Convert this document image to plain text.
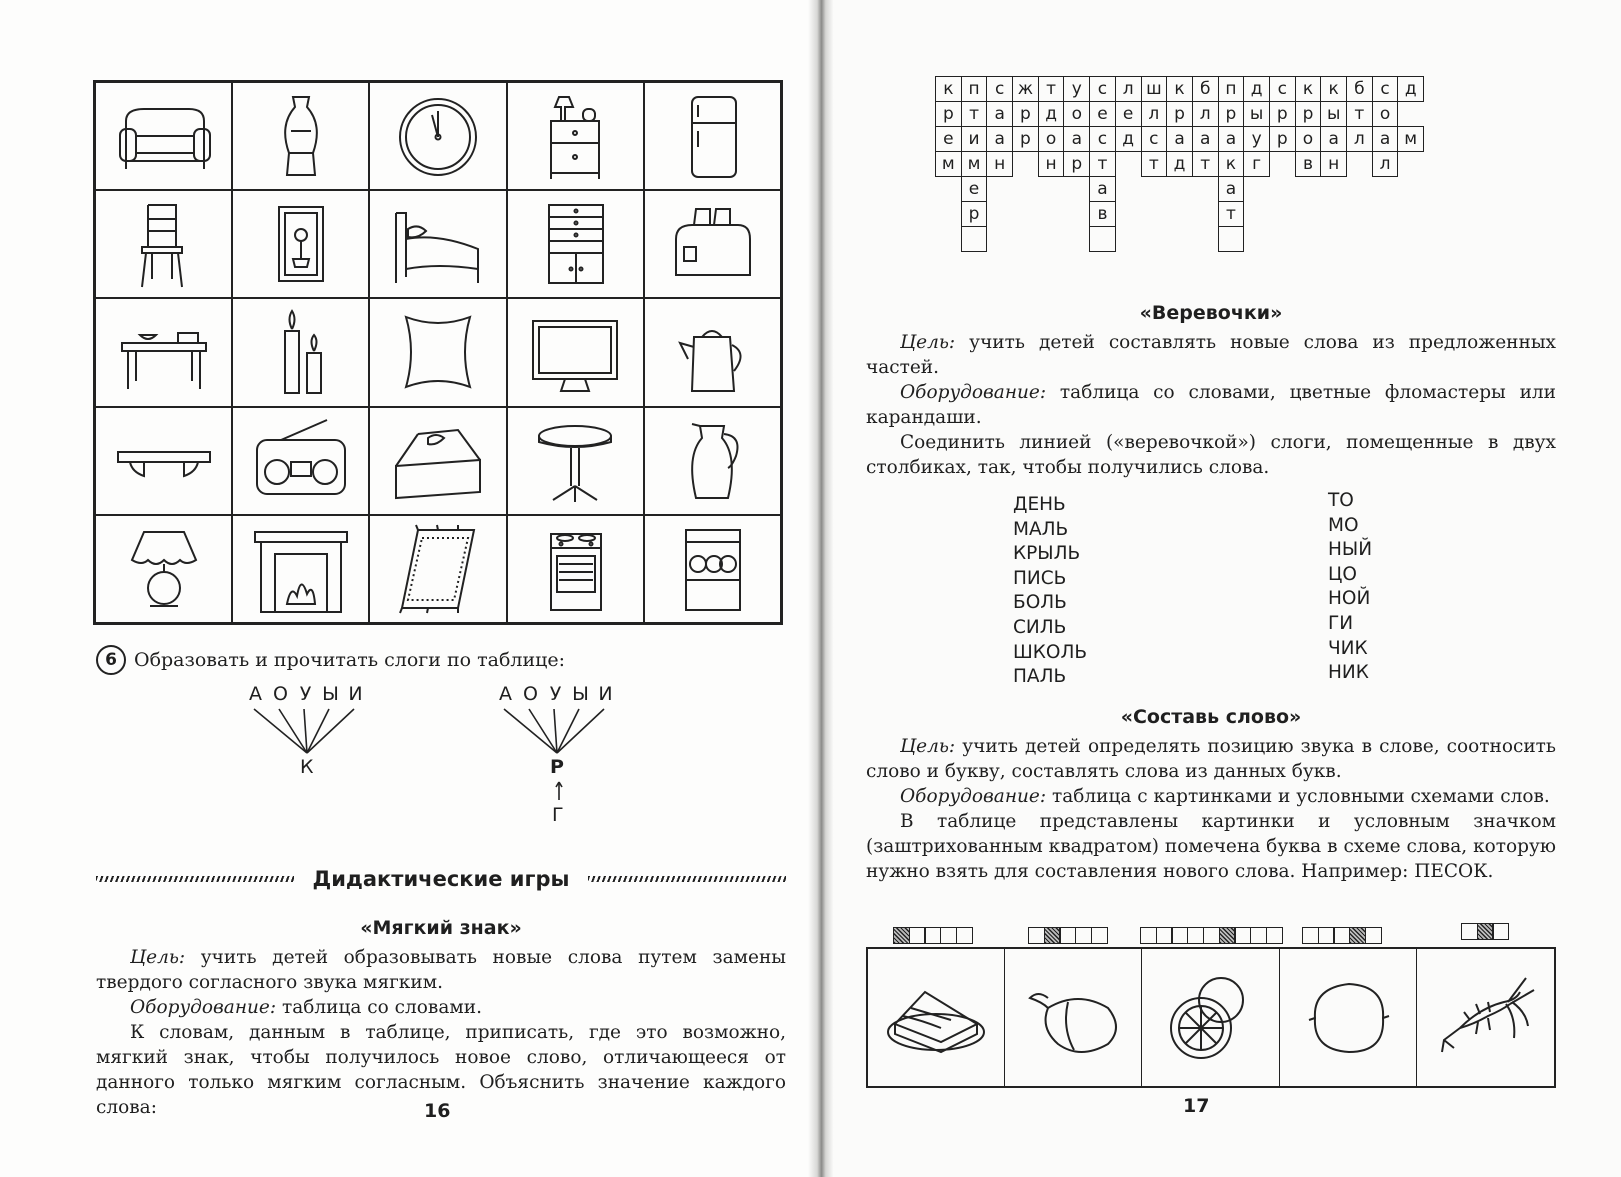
6 Образовать и прочитать слоги по таблице:
А О У Ы И
К
А О У Ы И
Р
Г
Дидактические игры
«Мягкий знак»
Цель: учить детей образовывать новые слова путем замены твердого согласного звука мягким.
Оборудование: таблица со словами.
К словам, данным в таблице, приписать, где это возможно, мягкий знак, чтобы получилось новое слово, отличающееся от данного только мягким согласным. Объяснить значение каждого слова:	16
к	п	с	ж	т	у	с	л	ш	к	б	п	д	с	к	к	б	с	д
р	т	а	р	д	о	е	е	л	р	л	р	ы	р	р	ы	т	о	
е	и	а	р	о	а	с	д	с	а	а	а	у	р	о	а	л	а	м
м	м	н		н	р	т		т	д	т	к	г		в	н		л	
	е					а					а							
	р					в					т							

«Веревочки»
Цель: учить детей составлять новые слова из предложенных частей.
Оборудование: таблица со словами, цветные фломастеры или карандаши.
Соединить линией («веревочкой») слоги, помещенные в двух столбиках, так, чтобы получились слова.
ДЕНЬ
МАЛЬ
КРЫЛЬ
ПИСЬ
БОЛЬ
СИЛЬ
ШКОЛЬ
ПАЛЬ
ТО
МО
НЫЙ
ЦО
НОЙ
ГИ
ЧИК
НИК
«Составь слово»
Цель: учить детей определять позицию звука в слове, соотносить слово и букву, составлять слова из данных букв.
Оборудование: таблица с картинками и условными схемами слов.
В таблице представлены картинки и условным значком (заштрихованным квадратом) помечена буква в схеме слова, которую нужно взять для составления нового слова. Например: ПЕСОК.
17
